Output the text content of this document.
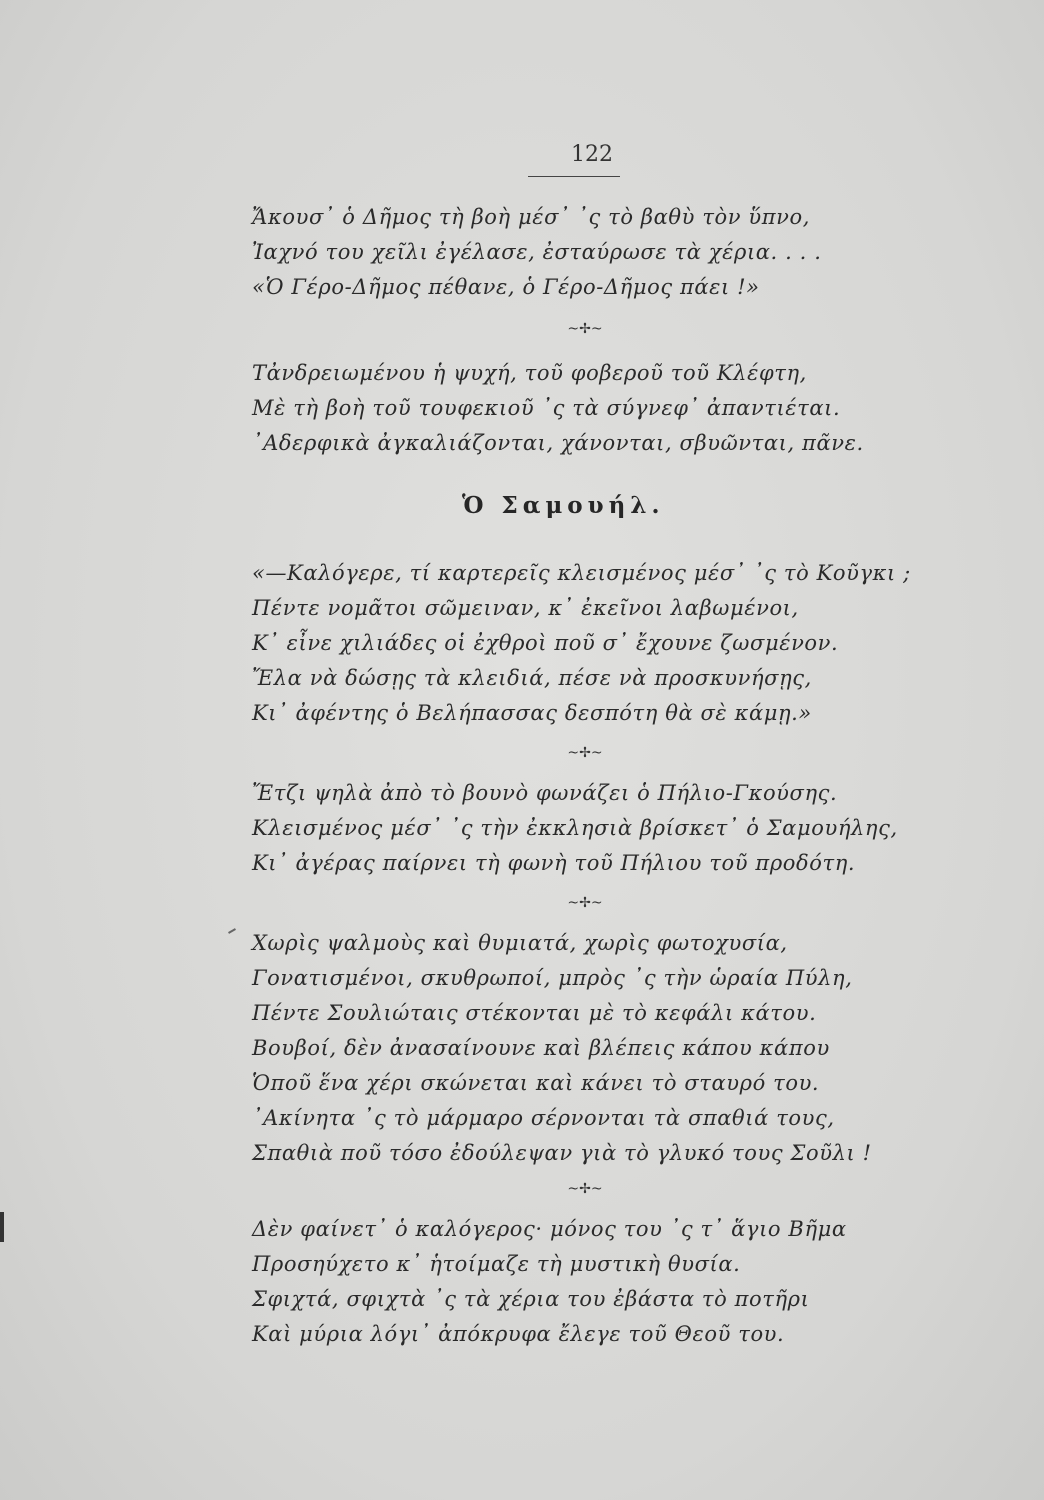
122
Ἄκουσ᾽ ὁ Δῆμος τὴ βοὴ μέσ᾽ ᾽ς τὸ βαθὺ τὸν ὕπνο,
Ἰαχνό του χεῖλι ἐγέλασε, ἐσταύρωσε τὰ χέρια. . . .
«Ὁ Γέρο-Δῆμος πέθανε, ὁ Γέρο-Δῆμος πάει !»
~✢~
Τἀνδρειωμένου ἡ ψυχή, τοῦ φοβεροῦ τοῦ Κλέφτη,
Μὲ τὴ βοὴ τοῦ τουφεκιοῦ ᾽ς τὰ σύγνεφ᾽ ἀπαντιέται.
᾽Αδερφικὰ ἀγκαλιάζονται, χάνονται, σβυῶνται, πᾶνε.
Ὁ Σαμουήλ.
«—Καλόγερε, τί καρτερεῖς κλεισμένος μέσ᾽ ᾽ς τὸ Κοῦγκι ;
Πέντε νομᾶτοι σῶμειναν, κ᾽ ἐκεῖνοι λαβωμένοι,
Κ᾽ εἶνε χιλιάδες οἱ ἐχθροὶ ποῦ σ᾽ ἔχουνε ζωσμένον.
Ἔλα νὰ δώσῃς τὰ κλειδιά, πέσε νὰ προσκυνήσῃς,
Κι᾽ ἀφέντης ὁ Βελήπασσας δεσπότη θὰ σὲ κάμῃ.»
~✢~
Ἔτζι ψηλὰ ἀπὸ τὸ βουνὸ φωνάζει ὁ Πήλιο-Γκούσης.
Κλεισμένος μέσ᾽ ᾽ς τὴν ἐκκλησιὰ βρίσκετ᾽ ὁ Σαμουήλης,
Κι᾽ ἀγέρας παίρνει τὴ φωνὴ τοῦ Πήλιου τοῦ προδότη.
~✢~
Χωρὶς ψαλμοὺς καὶ θυμιατά, χωρὶς φωτοχυσία,
Γονατισμένοι, σκυθρωποί, μπρὸς ᾽ς τὴν ὡραία Πύλη,
Πέντε Σουλιώταις στέκονται μὲ τὸ κεφάλι κάτου.
Βουβοί, δὲν ἀνασαίνουνε καὶ βλέπεις κάπου κάπου
Ὁποῦ ἕνα χέρι σκώνεται καὶ κάνει τὸ σταυρό του.
᾽Ακίνητα ᾽ς τὸ μάρμαρο σέρνονται τὰ σπαθιά τους,
Σπαθιὰ ποῦ τόσο ἐδούλεψαν γιὰ τὸ γλυκό τους Σοῦλι !
~✢~
Δὲν φαίνετ᾽ ὁ καλόγερος· μόνος του ᾽ς τ᾽ ἅγιο Βῆμα
Προσηύχετο κ᾽ ἡτοίμαζε τὴ μυστικὴ θυσία.
Σφιχτά, σφιχτὰ ᾽ς τὰ χέρια του ἐβάστα τὸ ποτῆρι
Καὶ μύρια λόγι᾽ ἀπόκρυφα ἔλεγε τοῦ Θεοῦ του.
